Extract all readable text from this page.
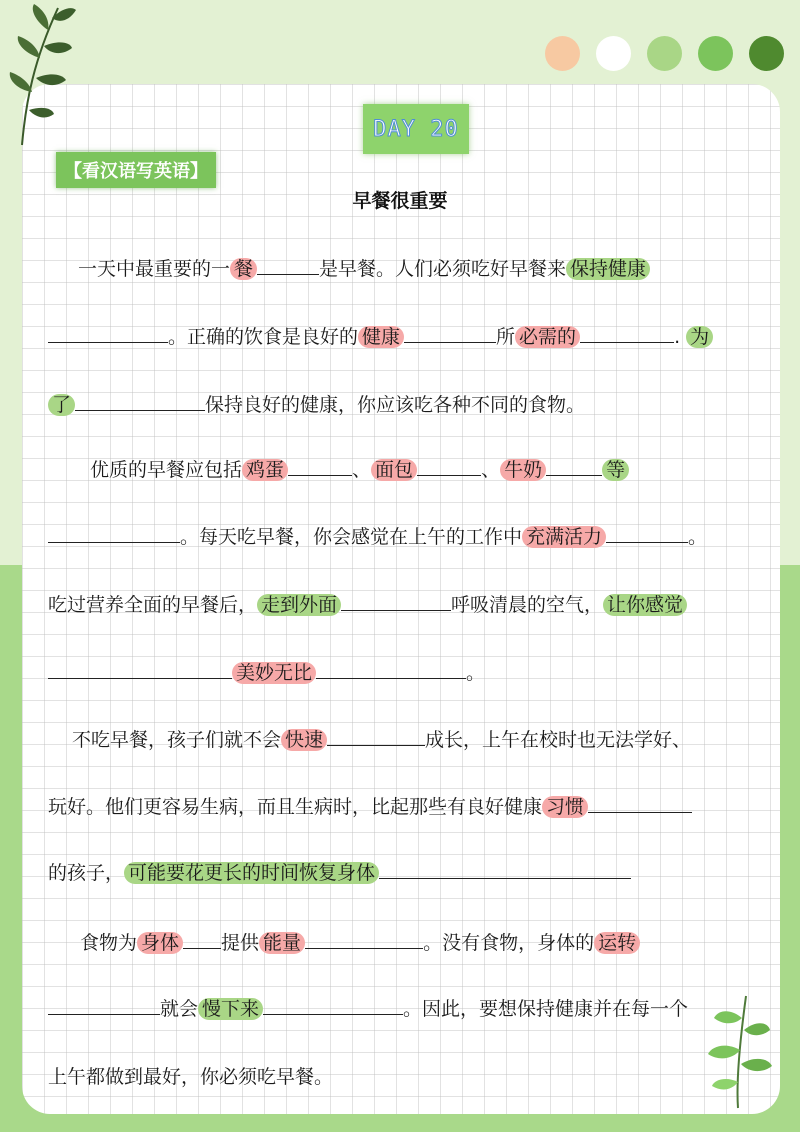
DAY 20
【看汉语写英语】
早餐很重要
一天中最重要的一 餐	是早餐。人们必须吃好早餐来 保持健康
。正确的饮食是良好的 健康	所 必需的	. 为
了	保持良好的健康，你应该吃各种不同的食物。
优质的早餐应包括 鸡蛋	、 面包	、 牛奶	等
。每天吃早餐，你会感觉在上午的工作中 充满活力	。
吃过营养全面的早餐后， 走到外面	呼吸清晨的空气， 让你感觉
美妙无比	。
不吃早餐，孩子们就不会 快速	成长，上午在校时也无法学好、
玩好。他们更容易生病，而且生病时，比起那些有良好健康 习惯
的孩子， 可能要花更长的时间恢复身体
食物为 身体 提供 能量	。没有食物，身体的 运转
就会 慢下来	。因此，要想保持健康并在每一个
上午都做到最好，你必须吃早餐。
